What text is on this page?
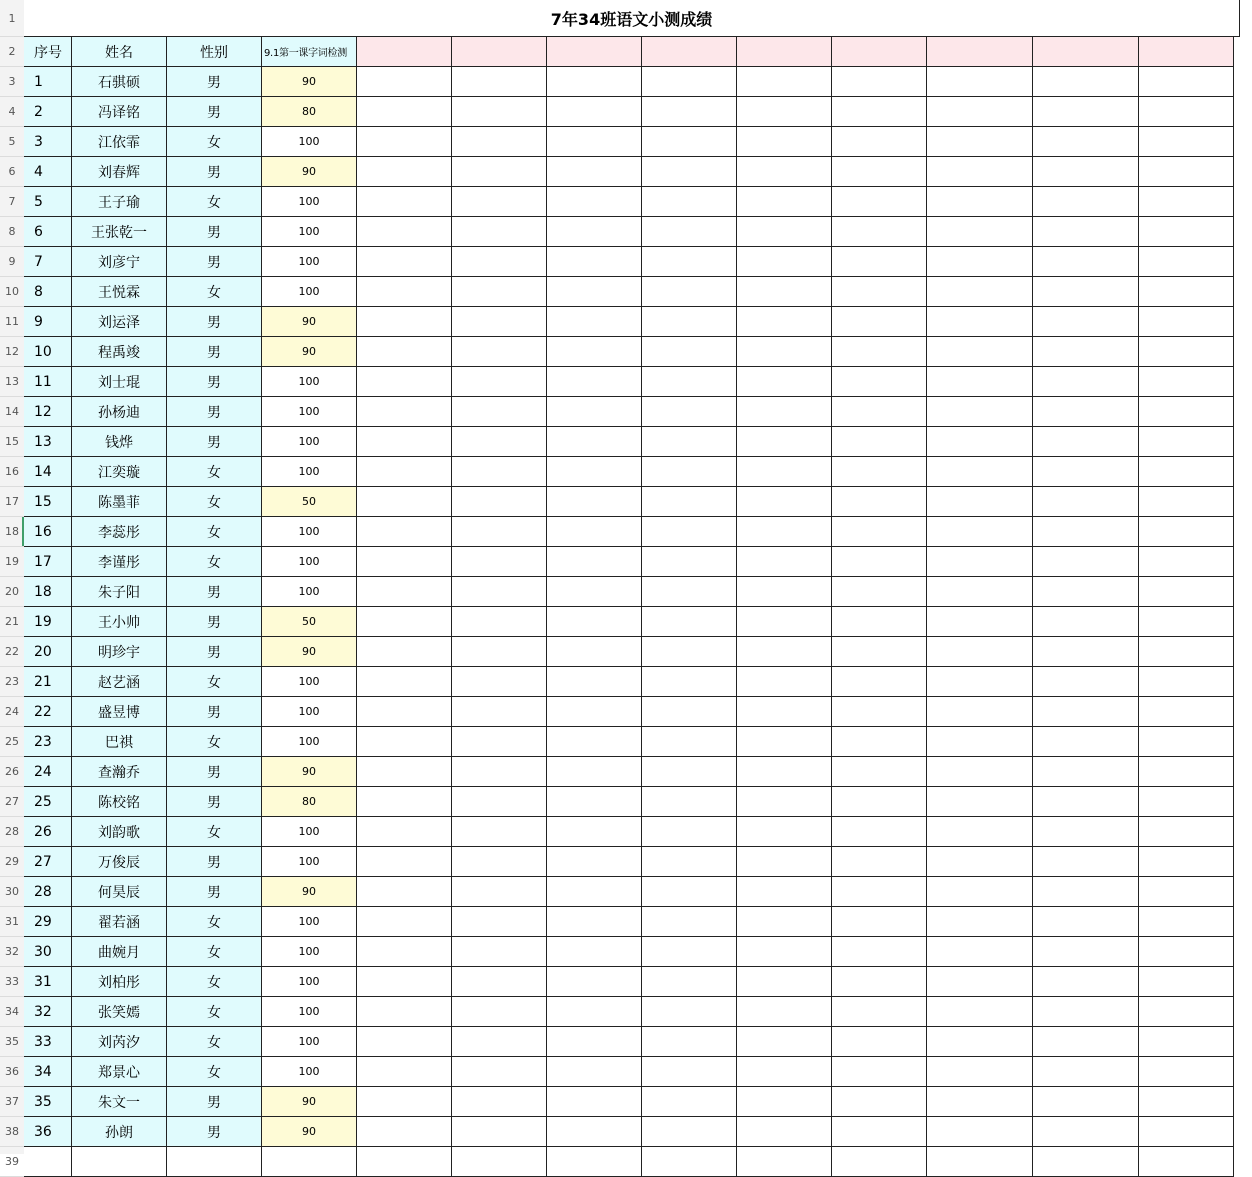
1
2
3
4
5
6
7
8
9
10
11
12
13
14
15
16
17
18
19
20
21
22
23
24
25
26
27
28
29
30
31
32
33
34
35
36
37
38
39
7年34班语文小测成绩
序号	姓名	性别	9.1第一课字词检测
1	石骐硕	男	90
2	冯译铭	男	80
3	江依霏	女	100
4	刘春辉	男	90
5	王子瑜	女	100
6	王张乾一	男	100
7	刘彦宁	男	100
8	王悦霖	女	100
9	刘运泽	男	90
10	程禹竣	男	90
11	刘士琨	男	100
12	孙杨迪	男	100
13	钱烨	男	100
14	江奕璇	女	100
15	陈墨菲	女	50
16	李蕊彤	女	100
17	李谨彤	女	100
18	朱子阳	男	100
19	王小帅	男	50
20	明珍宇	男	90
21	赵艺涵	女	100
22	盛昱博	男	100
23	巴祺	女	100
24	查瀚乔	男	90
25	陈校铭	男	80
26	刘韵歌	女	100
27	万俊辰	男	100
28	何昊辰	男	90
29	翟若涵	女	100
30	曲婉月	女	100
31	刘柏彤	女	100
32	张笑嫣	女	100
33	刘芮汐	女	100
34	郑景心	女	100
35	朱文一	男	90
36	孙朗	男	90
